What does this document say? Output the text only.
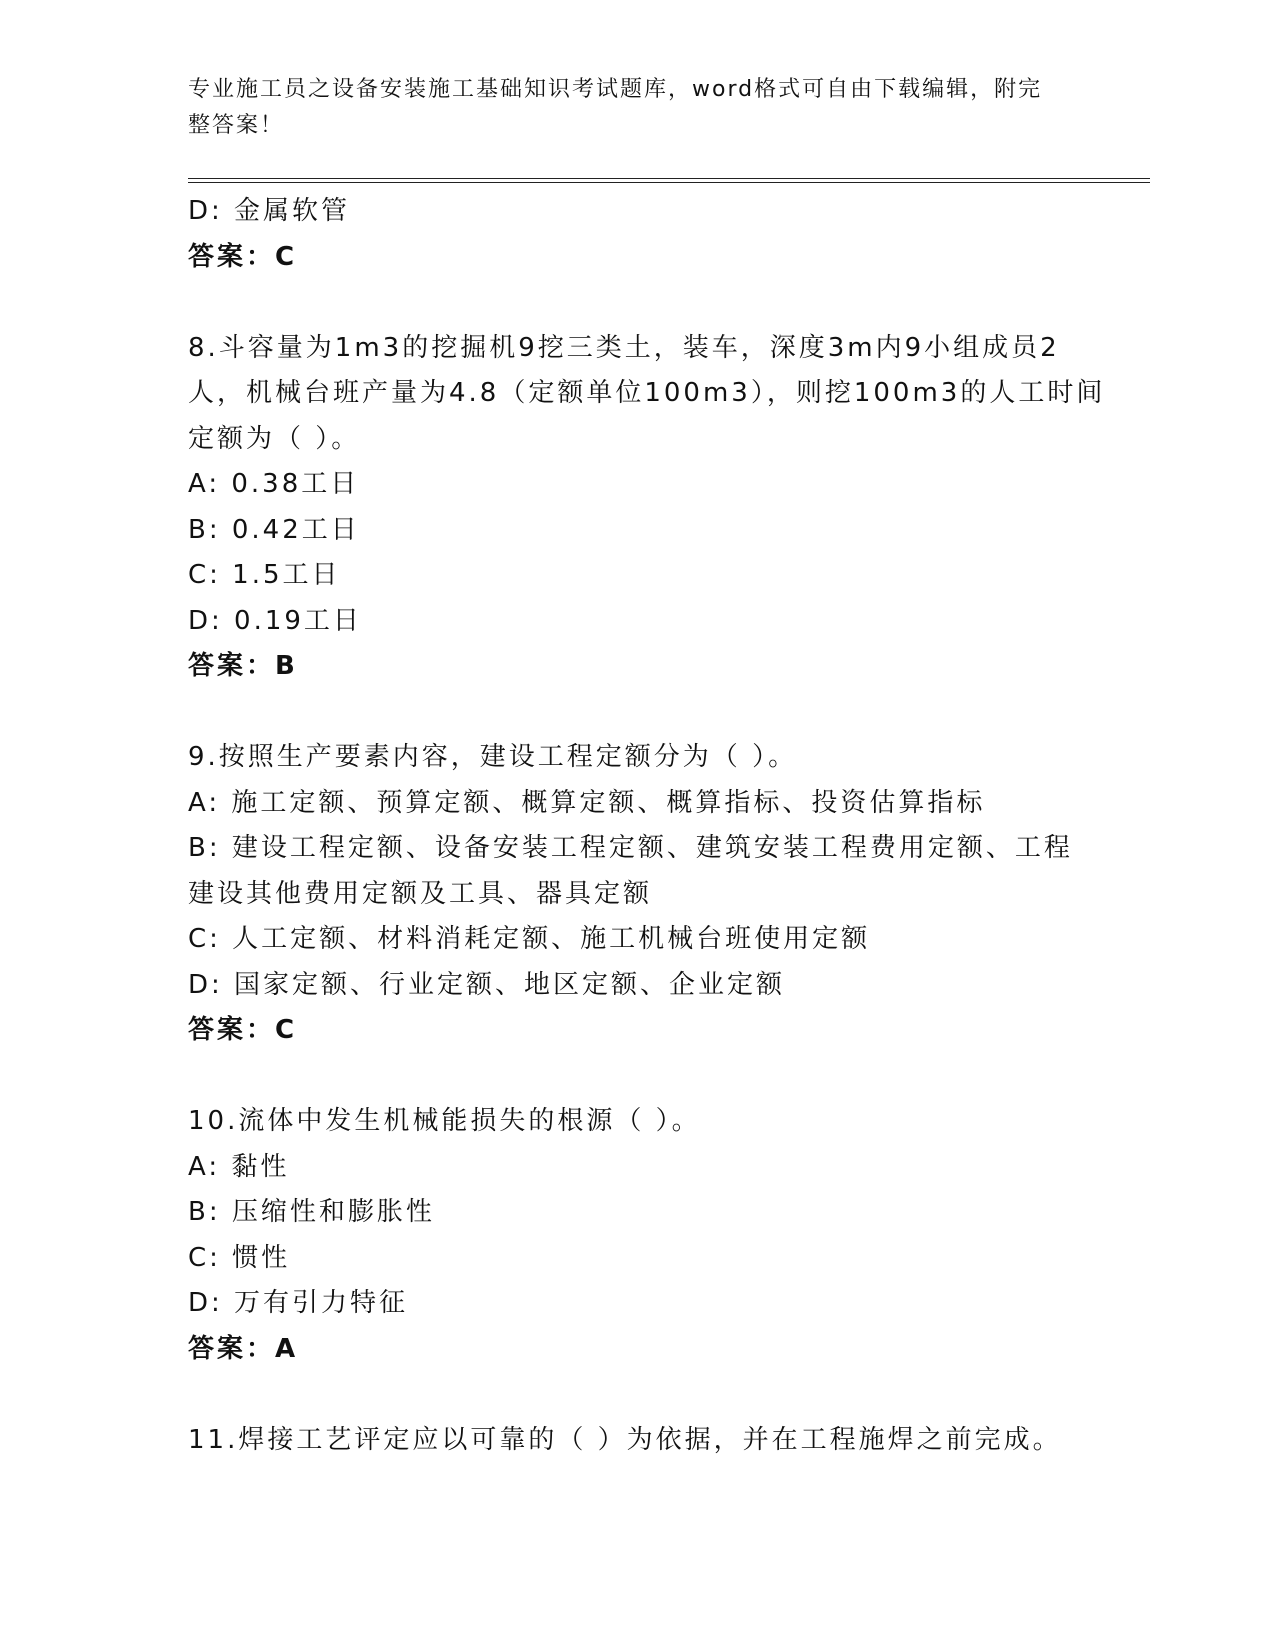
专业施工员之设备安装施工基础知识考试题库，word格式可自由下载编辑，附完
整答案！
D: 金属软管
答案：C
8.斗容量为1m3的挖掘机9挖三类土，装车，深度3m内9小组成员2
人，机械台班产量为4.8（定额单位100m3），则挖100m3的人工时间
定额为（ ）。
A: 0.38工日
B: 0.42工日
C: 1.5工日
D: 0.19工日
答案：B
9.按照生产要素内容，建设工程定额分为（ ）。
A: 施工定额、预算定额、概算定额、概算指标、投资估算指标
B: 建设工程定额、设备安装工程定额、建筑安装工程费用定额、工程
建设其他费用定额及工具、器具定额
C: 人工定额、材料消耗定额、施工机械台班使用定额
D: 国家定额、行业定额、地区定额、企业定额
答案：C
10.流体中发生机械能损失的根源（ ）。
A: 黏性
B: 压缩性和膨胀性
C: 惯性
D: 万有引力特征
答案：A
11.焊接工艺评定应以可靠的（ ）为依据，并在工程施焊之前完成。
